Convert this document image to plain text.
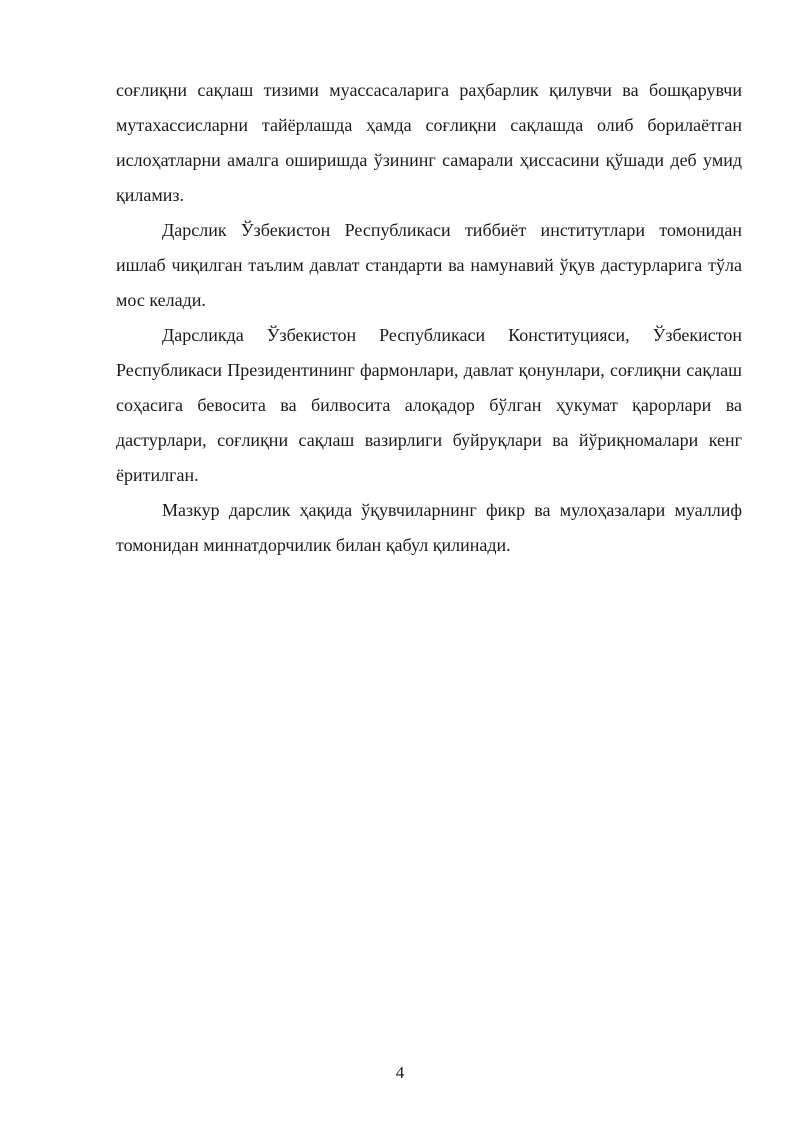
соғлиқни сақлаш тизими муассасаларига раҳбарлик қилувчи ва бошқарувчи мутахассисларни тайёрлашда ҳамда соғлиқни сақлашда олиб борилаётган ислоҳатларни амалга оширишда ўзининг самарали ҳиссасини қўшади деб умид қиламиз.

Дарслик Ўзбекистон Республикаси тиббиёт институтлари томонидан ишлаб чиқилган таълим давлат стандарти ва намунавий ўқув дастурларига тўла мос келади.

Дарсликда Ўзбекистон Республикаси Конституцияси, Ўзбекистон Республикаси Президентининг фармонлари, давлат қонунлари, соғлиқни сақлаш соҳасига бевосита ва билвосита алоқадор бўлган ҳукумат қарорлари ва дастурлари, соғлиқни сақлаш вазирлиги буйруқлари ва йўриқномалари кенг ёритилган.

Мазкур дарслик ҳақида ўқувчиларнинг фикр ва мулоҳазалари муаллиф томонидан миннатдорчилик билан қабул қилинади.

4
